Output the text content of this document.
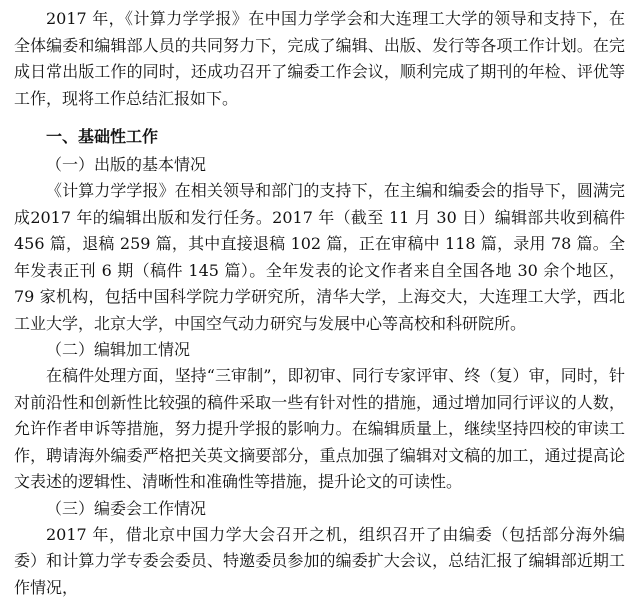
2017 年，《计算力学学报》在中国力学学会和大连理工大学的领导和支持下，在全体编委和编辑部人员的共同努力下，完成了编辑、出版、发行等各项工作计划。在完成日常出版工作的同时，还成功召开了编委工作会议，顺利完成了期刊的年检、评优等工作，现将工作总结汇报如下。

一、基础性工作
（一）出版的基本情况

《计算力学学报》在相关领导和部门的支持下，在主编和编委会的指导下，圆满完成2017 年的编辑出版和发行任务。2017 年（截至 11 月 30 日）编辑部共收到稿件 456 篇，退稿 259 篇，其中直接退稿 102 篇，正在审稿中 118 篇，录用 78 篇。全年发表正刊 6 期（稿件 145 篇）。全年发表的论文作者来自全国各地 30 余个地区，79 家机构，包括中国科学院力学研究所，清华大学，上海交大，大连理工大学，西北工业大学，北京大学，中国空气动力研究与发展中心等高校和科研院所。

（二）编辑加工情况

在稿件处理方面，坚持“三审制”，即初审、同行专家评审、终（复）审，同时，针对前沿性和创新性比较强的稿件采取一些有针对性的措施，通过增加同行评议的人数，允许作者申诉等措施，努力提升学报的影响力。在编辑质量上，继续坚持四校的审读工作，聘请海外编委严格把关英文摘要部分，重点加强了编辑对文稿的加工，通过提高论文表述的逻辑性、清晰性和准确性等措施，提升论文的可读性。

（三）编委会工作情况

2017 年，借北京中国力学大会召开之机，组织召开了由编委（包括部分海外编委）和计算力学专委会委员、特邀委员参加的编委扩大会议，总结汇报了编辑部近期工作情况，
